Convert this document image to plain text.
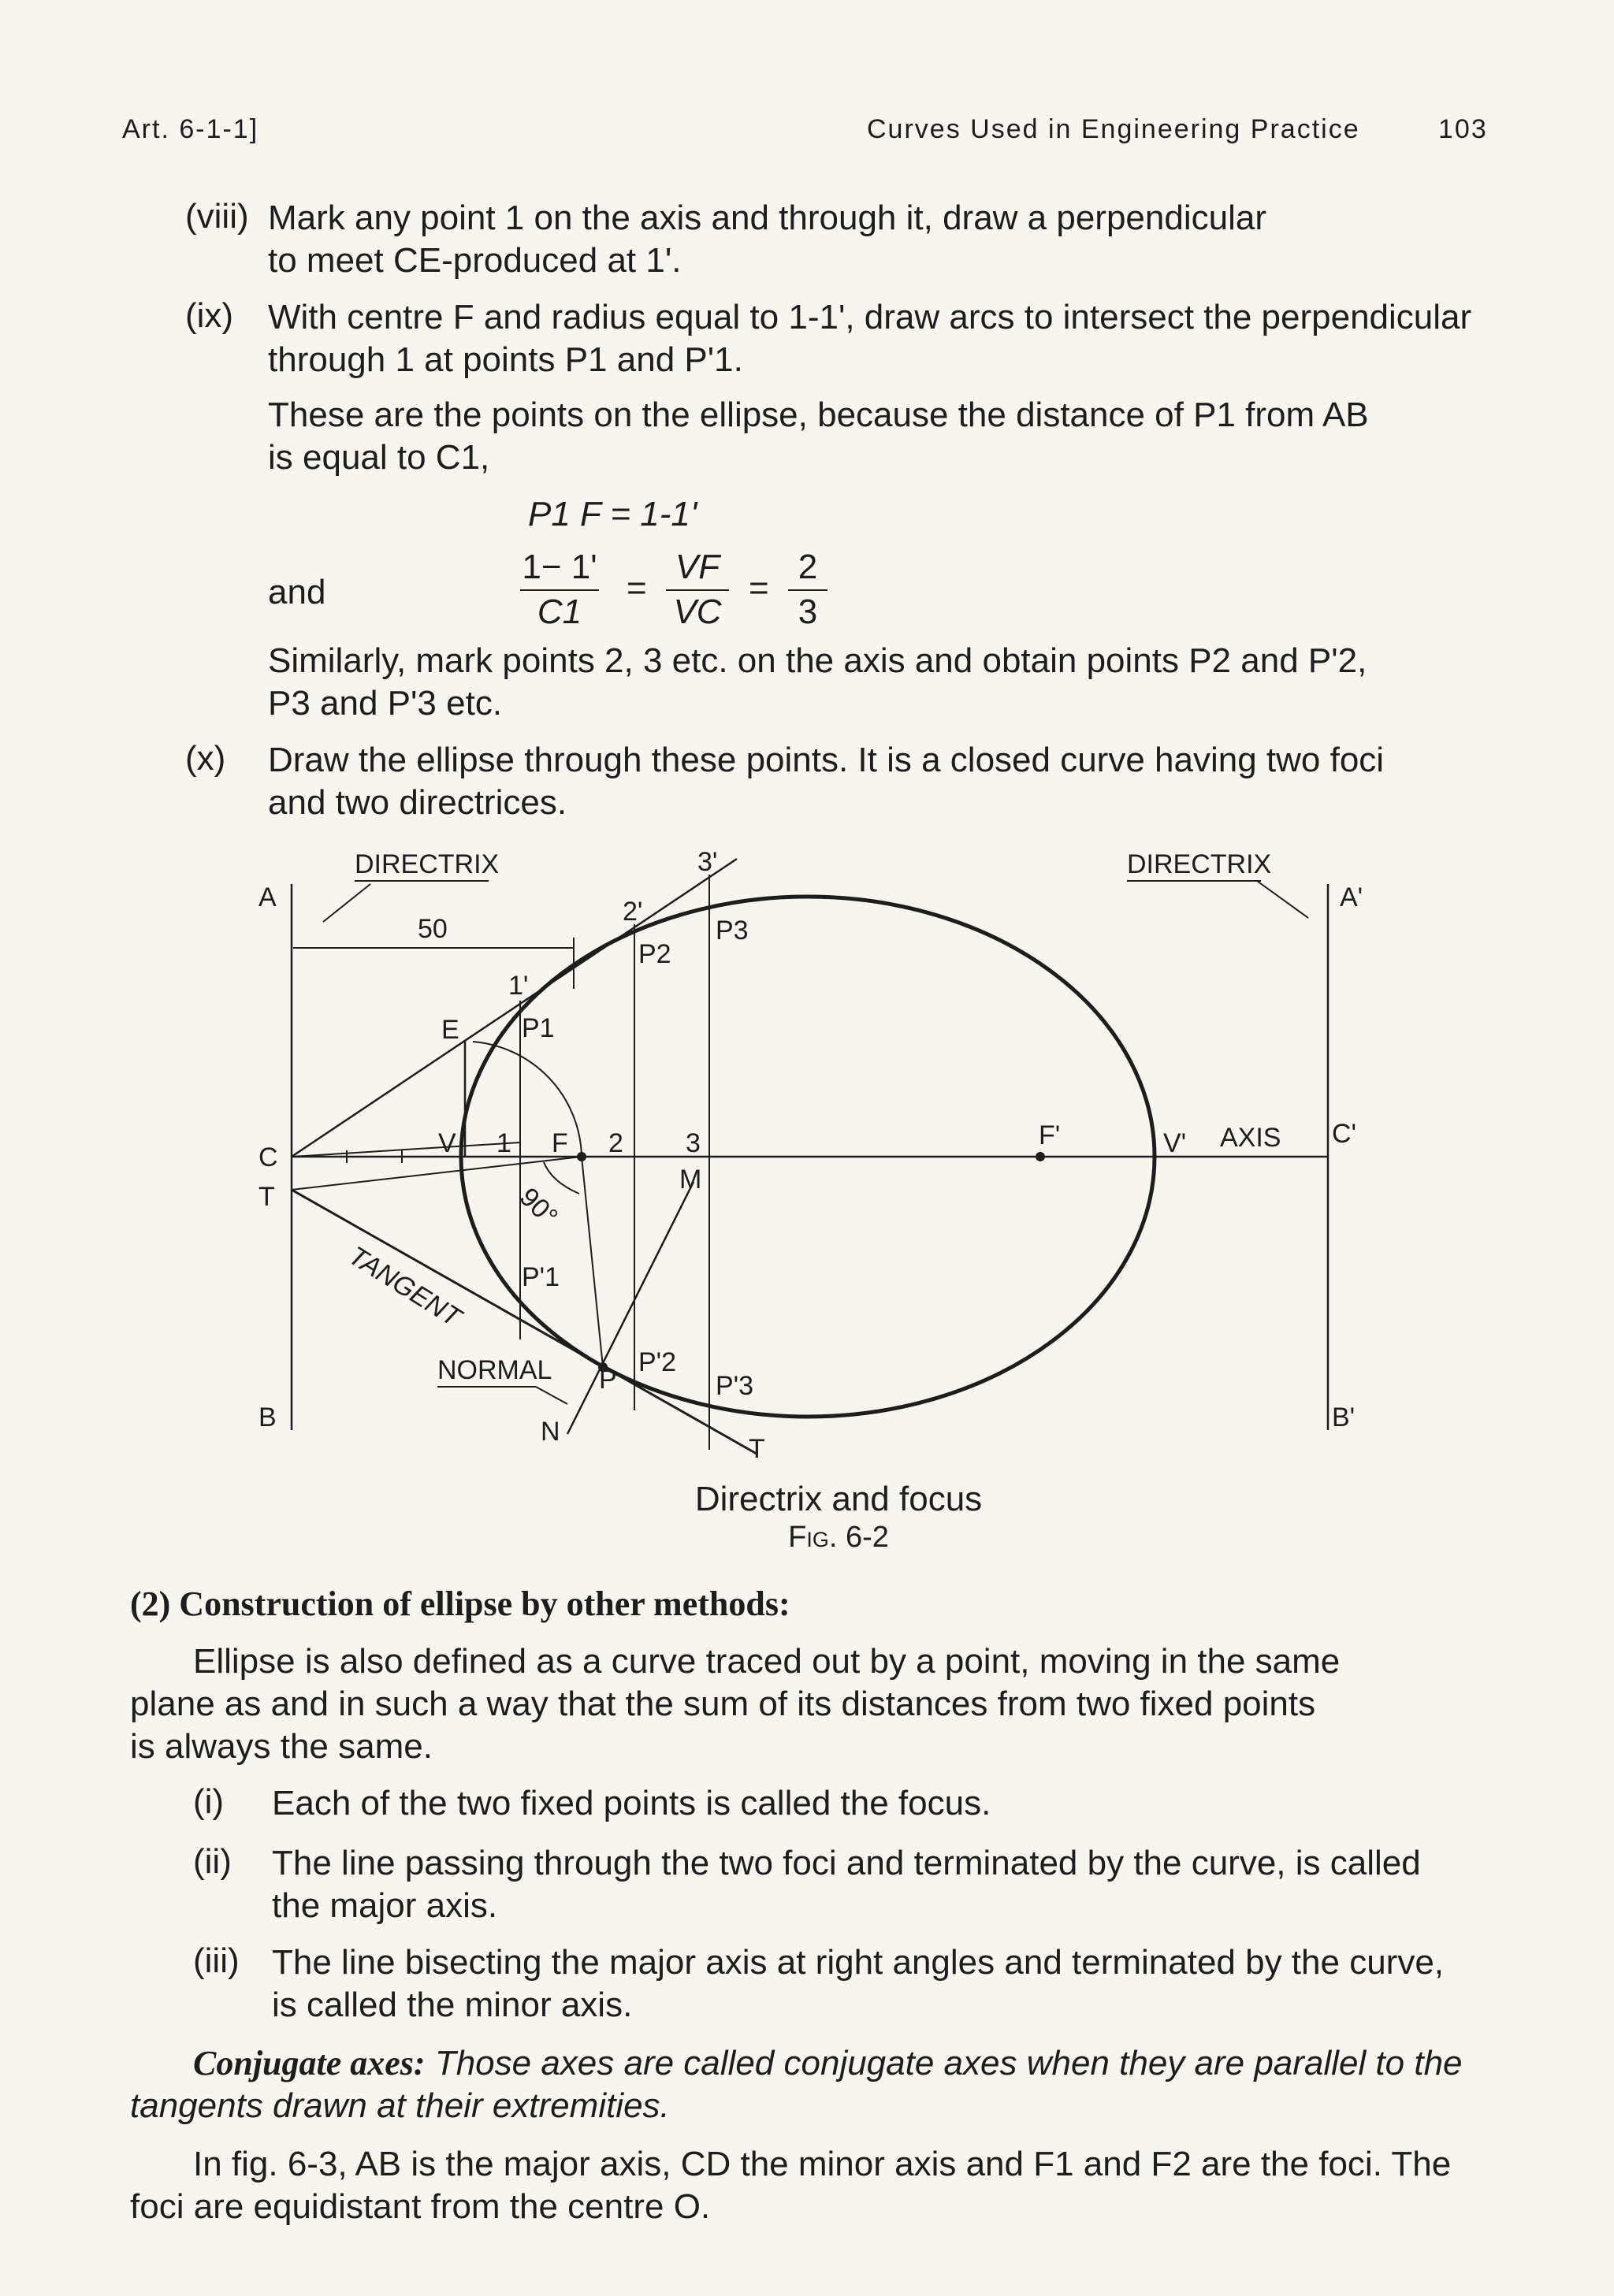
Art. 6-1-1]	Curves Used in Engineering Practice	103
(viii) Mark any point 1 on the axis and through it, draw a perpendicular
to meet CE-produced at 1'.
(ix) With centre F and radius equal to 1-1', draw arcs to intersect the perpendicular
through 1 at points P1 and P'1.
These are the points on the ellipse, because the distance of P1 from AB
is equal to C1,
P1 F = 1-1'
and
1− 1'
C1
=
VF
VC
=
2
3
Similarly, mark points 2, 3 etc. on the axis and obtain points P2 and P'2,
P3 and P'3 etc.
(x) Draw the ellipse through these points. It is a closed curve having two foci
and two directrices.
DIRECTRIX	DIRECTRIX
A	A'
B	B'
C
C'
T
T
E
V	V'
F	F'
1	2 3
1'
2'
3'
P1
P2
P3
P'1
P'2
P'3
P
M
N
AXIS
50
90°
TANGENT
NORMAL
Directrix and focus
Fig. 6-2
(2) Construction of ellipse by other methods:
Ellipse is also defined as a curve traced out by a point, moving in the same
plane as and in such a way that the sum of its distances from two fixed points
is always the same.
(i) Each of the two fixed points is called the focus.
(ii) The line passing through the two foci and terminated by the curve, is called
the major axis.
(iii) The line bisecting the major axis at right angles and terminated by the curve,
is called the minor axis.
Conjugate axes: Those axes are called conjugate axes when they are parallel to the
tangents drawn at their extremities.
In fig. 6-3, AB is the major axis, CD the minor axis and F1 and F2 are the foci. The
foci are equidistant from the centre O.
